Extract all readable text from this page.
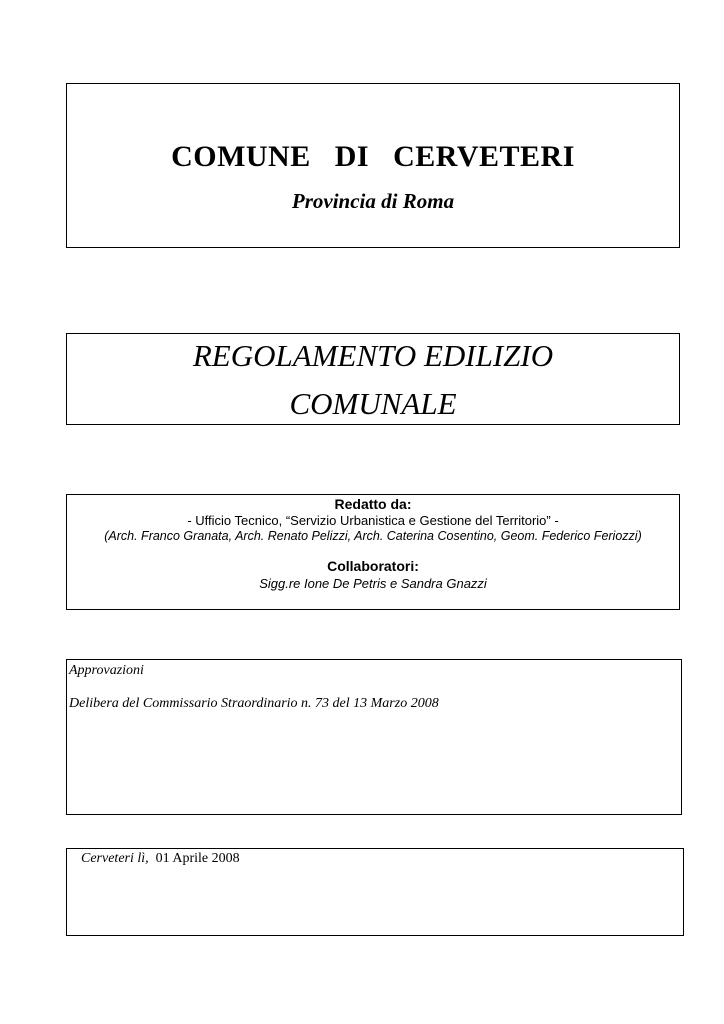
COMUNE   DI   CERVETERI
Provincia di Roma
REGOLAMENTO EDILIZIO
COMUNALE
Redatto da:
- Ufficio Tecnico, “Servizio Urbanistica e Gestione del Territorio” -
(Arch. Franco Granata, Arch. Renato Pelizzi, Arch. Caterina Cosentino, Geom. Federico Feriozzi)
Collaboratori:
Sigg.re Ione De Petris e Sandra Gnazzi
Approvazioni
Delibera del Commissario Straordinario n. 73 del 13 Marzo 2008
Cerveteri lì, 01 Aprile 2008
